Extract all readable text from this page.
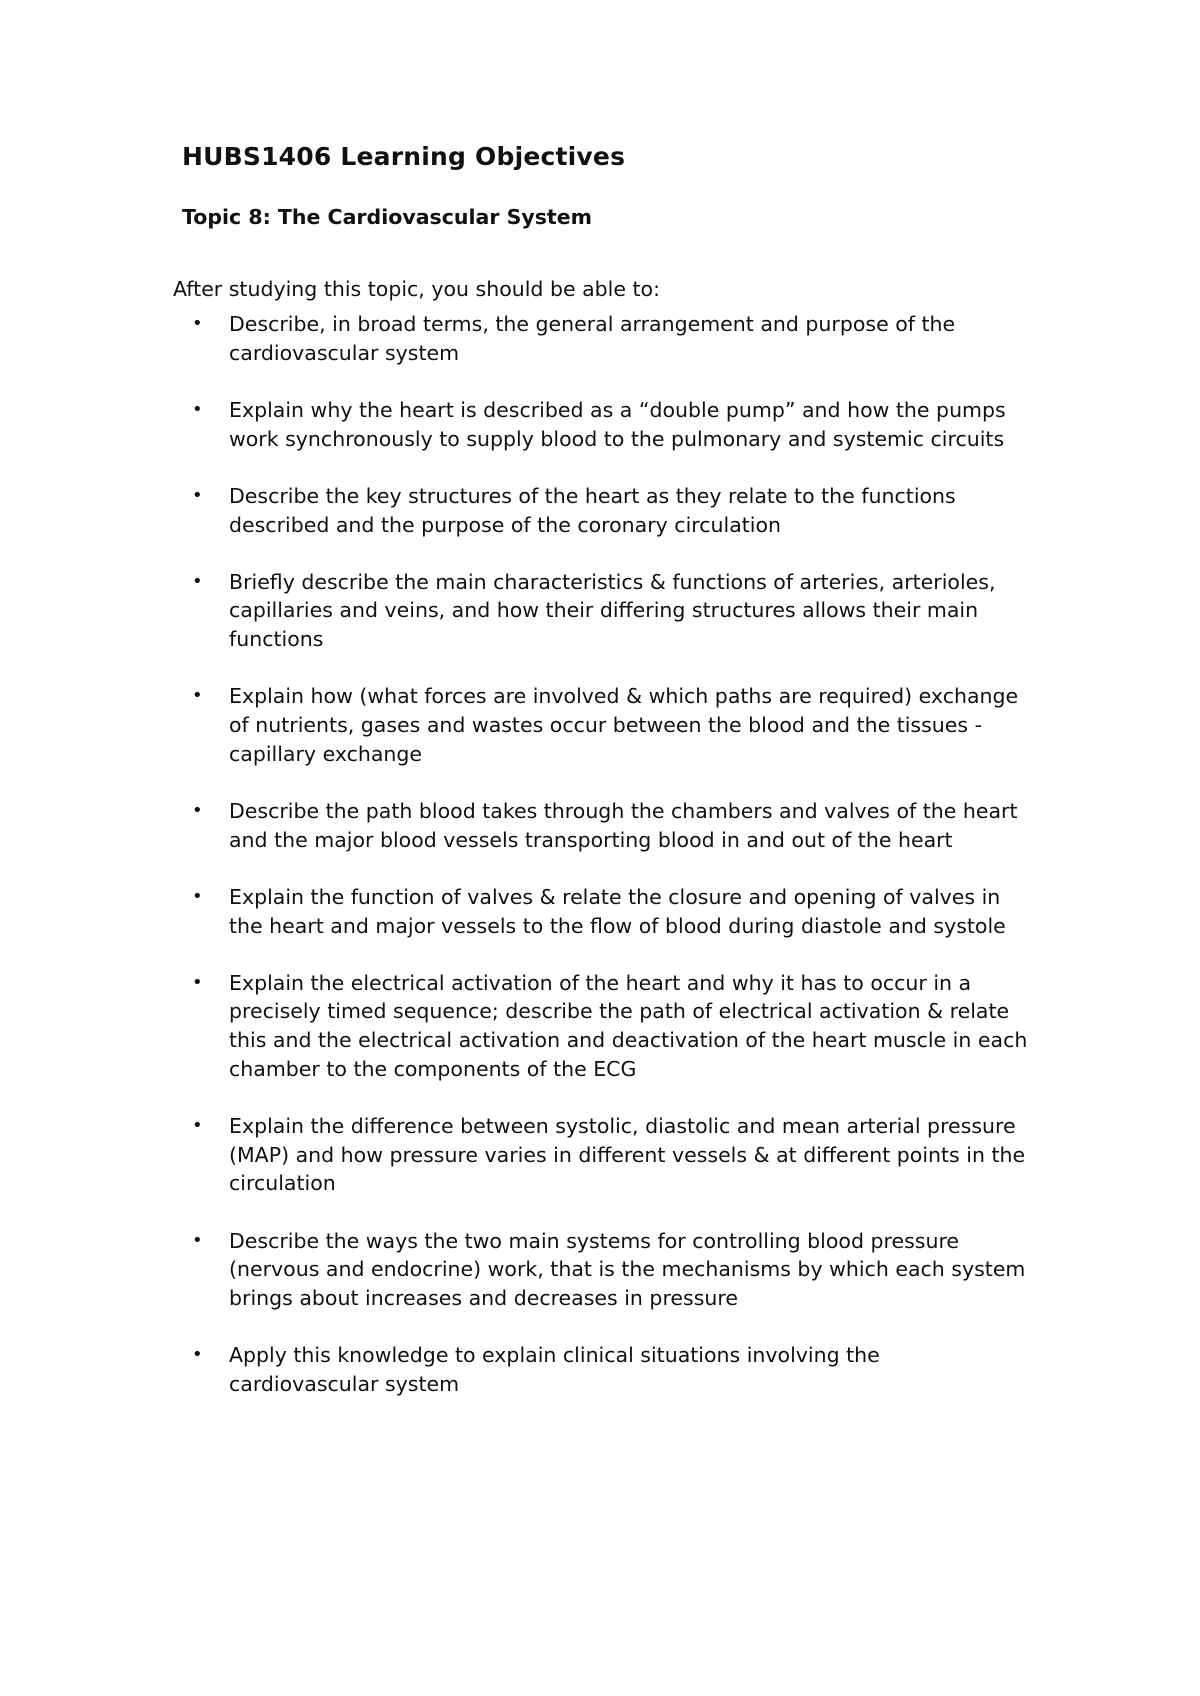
HUBS1406 Learning Objectives
Topic 8: The Cardiovascular System

After studying this topic, you should be able to:

• Describe, in broad terms, the general arrangement and purpose of the cardiovascular system
• Explain why the heart is described as a “double pump” and how the pumps work synchronously to supply blood to the pulmonary and systemic circuits
• Describe the key structures of the heart as they relate to the functions described and the purpose of the coronary circulation
• Briefly describe the main characteristics & functions of arteries, arterioles, capillaries and veins, and how their differing structures allows their main functions
• Explain how (what forces are involved & which paths are required) exchange of nutrients, gases and wastes occur between the blood and the tissues - capillary exchange
• Describe the path blood takes through the chambers and valves of the heart and the major blood vessels transporting blood in and out of the heart
• Explain the function of valves & relate the closure and opening of valves in the heart and major vessels to the flow of blood during diastole and systole
• Explain the electrical activation of the heart and why it has to occur in a precisely timed sequence; describe the path of electrical activation & relate this and the electrical activation and deactivation of the heart muscle in each chamber to the components of the ECG
• Explain the difference between systolic, diastolic and mean arterial pressure (MAP) and how pressure varies in different vessels & at different points in the circulation
• Describe the ways the two main systems for controlling blood pressure (nervous and endocrine) work, that is the mechanisms by which each system brings about increases and decreases in pressure
• Apply this knowledge to explain clinical situations involving the cardiovascular system
